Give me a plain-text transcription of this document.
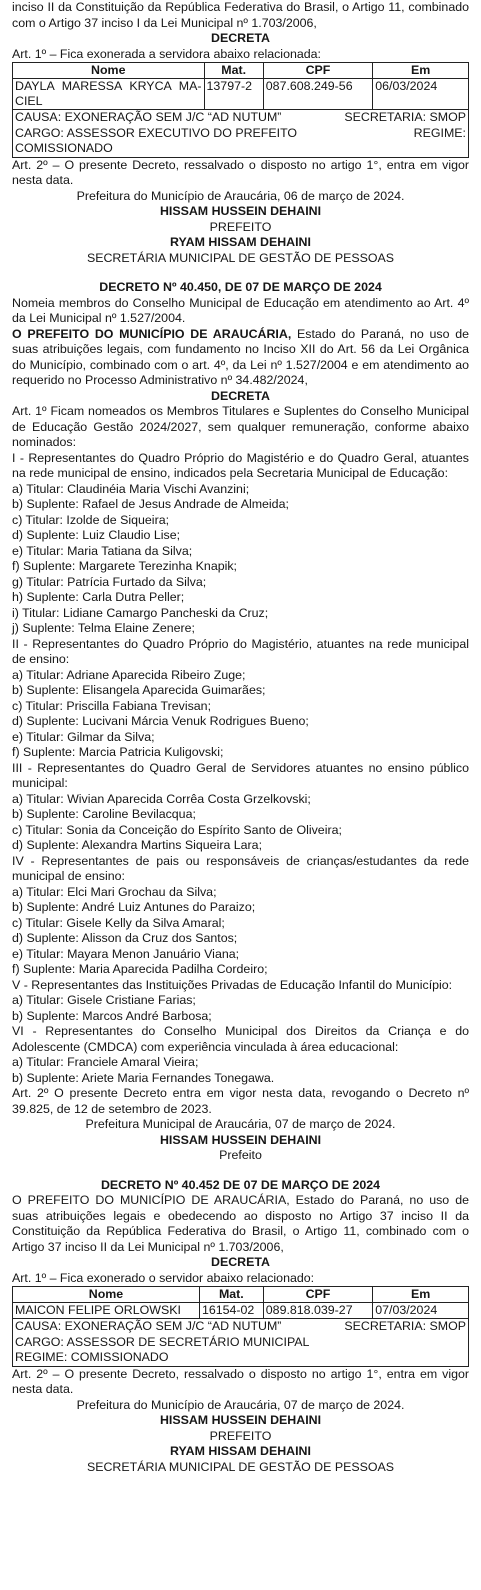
inciso II da Constituição da República Federativa do Brasil, o Artigo 11, combinado com o Artigo 37 inciso I da Lei Municipal nº 1.703/2006,

DECRETA

Art. 1º – Fica exonerada a servidora abaixo relacionada:

Nome	Mat.	CPF	Em
DAYLA MARESSA KRYCA MA-CIEL	13797-2	087.608.249-56	06/03/2024
CAUSA: EXONERAÇÃO SEM J/C “AD NUTUM”	SECRETARIA: SMOP
CARGO: ASSESSOR EXECUTIVO DO PREFEITO	REGIME:
COMISSIONADO

Art. 2º – O presente Decreto, ressalvado o disposto no artigo 1°, entra em vigor nesta data.

Prefeitura do Município de Araucária, 06 de março de 2024.

HISSAM HUSSEIN DEHAINI

PREFEITO

RYAM HISSAM DEHAINI

SECRETÁRIA MUNICIPAL DE GESTÃO DE PESSOAS

DECRETO Nº 40.450, DE 07 DE MARÇO DE 2024

Nomeia membros do Conselho Municipal de Educação em atendimento ao Art. 4º da Lei Municipal nº 1.527/2004.

O PREFEITO DO MUNICÍPIO DE ARAUCÁRIA, Estado do Paraná, no uso de suas atribuições legais, com fundamento no Inciso XII do Art. 56 da Lei Orgânica do Município, combinado com o art. 4º, da Lei nº 1.527/2004 e em atendimento ao requerido no Processo Administrativo nº 34.482/2024,

DECRETA

Art. 1º Ficam nomeados os Membros Titulares e Suplentes do Conselho Municipal de Educação Gestão 2024/2027, sem qualquer remuneração, conforme abaixo nominados:

I - Representantes do Quadro Próprio do Magistério e do Quadro Geral, atuantes na rede municipal de ensino, indicados pela Secretaria Municipal de Educação:

a) Titular: Claudinéia Maria Vischi Avanzini;

b) Suplente: Rafael de Jesus Andrade de Almeida;

c) Titular: Izolde de Siqueira;

d) Suplente: Luiz Claudio Lise;

e) Titular: Maria Tatiana da Silva;

f) Suplente: Margarete Terezinha Knapik;

g) Titular: Patrícia Furtado da Silva;

h) Suplente: Carla Dutra Peller;

i) Titular: Lidiane Camargo Pancheski da Cruz;

j) Suplente: Telma Elaine Zenere;

II - Representantes do Quadro Próprio do Magistério, atuantes na rede municipal de ensino:

a) Titular: Adriane Aparecida Ribeiro Zuge;

b) Suplente: Elisangela Aparecida Guimarães;

c) Titular: Priscilla Fabiana Trevisan;

d) Suplente: Lucivani Márcia Venuk Rodrigues Bueno;

e) Titular: Gilmar da Silva;

f) Suplente: Marcia Patricia Kuligovski;

III - Representantes do Quadro Geral de Servidores atuantes no ensino público municipal:

a) Titular: Wivian Aparecida Corrêa Costa Grzelkovski;

b) Suplente: Caroline Bevilacqua;

c) Titular: Sonia da Conceição do Espírito Santo de Oliveira;

d) Suplente: Alexandra Martins Siqueira Lara;

IV - Representantes de pais ou responsáveis de crianças/estudantes da rede municipal de ensino:

a) Titular: Elci Mari Grochau da Silva;

b) Suplente: André Luiz Antunes do Paraizo;

c) Titular: Gisele Kelly da Silva Amaral;

d) Suplente: Alisson da Cruz dos Santos;

e) Titular: Mayara Menon Januário Viana;

f) Suplente: Maria Aparecida Padilha Cordeiro;

V - Representantes das Instituições Privadas de Educação Infantil do Município:

a) Titular: Gisele Cristiane Farias;

b) Suplente: Marcos André Barbosa;

VI - Representantes do Conselho Municipal dos Direitos da Criança e do Adolescente (CMDCA) com experiência vinculada à área educacional:

a) Titular: Franciele Amaral Vieira;

b) Suplente: Ariete Maria Fernandes Tonegawa.

Art. 2º O presente Decreto entra em vigor nesta data, revogando o Decreto nº 39.825, de 12 de setembro de 2023.

Prefeitura Municipal de Araucária, 07 de março de 2024.

HISSAM HUSSEIN DEHAINI

Prefeito

DECRETO Nº 40.452 DE 07 DE MARÇO DE 2024

O PREFEITO DO MUNICÍPIO DE ARAUCÁRIA, Estado do Paraná, no uso de suas atribuições legais e obedecendo ao disposto no Artigo 37 inciso II da Constituição da República Federativa do Brasil, o Artigo 11, combinado com o Artigo 37 inciso II da Lei Municipal nº 1.703/2006,

DECRETA

Art. 1º – Fica exonerado o servidor abaixo relacionado:

Nome	Mat.	CPF	Em
MAICON FELIPE ORLOWSKI	16154-02	089.818.039-27	07/03/2024
CAUSA: EXONERAÇÃO SEM J/C “AD NUTUM”	SECRETARIA: SMOP
CARGO: ASSESSOR DE SECRETÁRIO MUNICIPAL
REGIME: COMISSIONADO

Art. 2º – O presente Decreto, ressalvado o disposto no artigo 1°, entra em vigor nesta data.

Prefeitura do Município de Araucária, 07 de março de 2024.

HISSAM HUSSEIN DEHAINI

PREFEITO

RYAM HISSAM DEHAINI

SECRETÁRIA MUNICIPAL DE GESTÃO DE PESSOAS
